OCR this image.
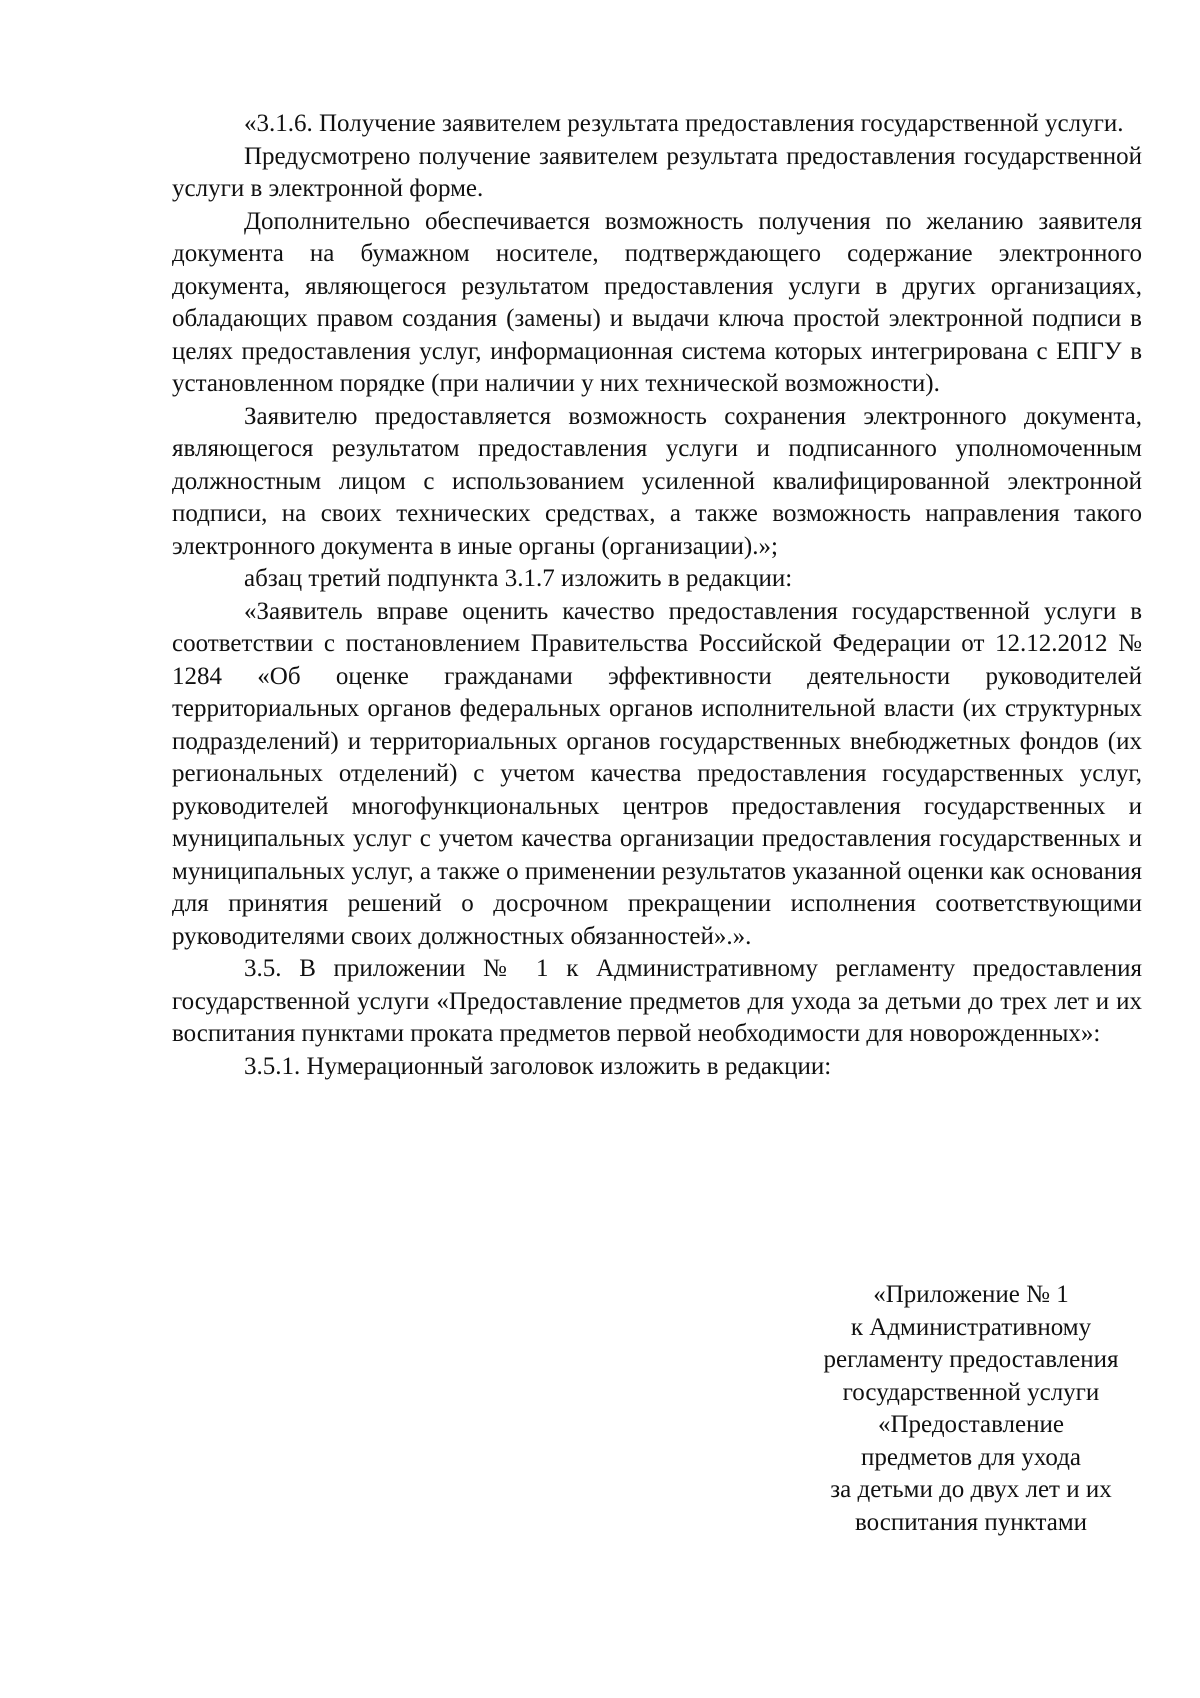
«3.1.6. Получение заявителем результата предоставления государственной услуги.

Предусмотрено получение заявителем результата предоставления государственной услуги в электронной форме.

Дополнительно обеспечивается возможность получения по желанию заявителя документа на бумажном носителе, подтверждающего содержание электронного документа, являющегося результатом предоставления услуги в других организациях, обладающих правом создания (замены) и выдачи ключа простой электронной подписи в целях предоставления услуг, информационная система которых интегрирована с ЕПГУ в установленном порядке (при наличии у них технической возможности).

Заявителю предоставляется возможность сохранения электронного документа, являющегося результатом предоставления услуги и подписанного уполномоченным должностным лицом с использованием усиленной квалифицированной электронной подписи, на своих технических средствах, а также возможность направления такого электронного документа в иные органы (организации).»;

абзац третий подпункта 3.1.7 изложить в редакции:

«Заявитель вправе оценить качество предоставления государственной услуги в соответствии с постановлением Правительства Российской Федерации от 12.12.2012 № 1284 «Об оценке гражданами эффективности деятельности руководителей территориальных органов федеральных органов исполнительной власти (их структурных подразделений) и территориальных органов государственных внебюджетных фондов (их региональных отделений) с учетом качества предоставления государственных услуг, руководителей многофункциональных центров предоставления государственных и муниципальных услуг с учетом качества организации предоставления государственных и муниципальных услуг, а также о применении результатов указанной оценки как основания для принятия решений о досрочном прекращении исполнения соответствующими руководителями своих должностных обязанностей».».

3.5. В приложении № 1 к Административному регламенту предоставления государственной услуги «Предоставление предметов для ухода за детьми до трех лет и их воспитания пунктами проката предметов первой необходимости для новорожденных»:

3.5.1. Нумерационный заголовок изложить в редакции:

«Приложение № 1
к Административному
регламенту предоставления
государственной услуги
«Предоставление
предметов для ухода
за детьми до двух лет и их
воспитания пунктами
